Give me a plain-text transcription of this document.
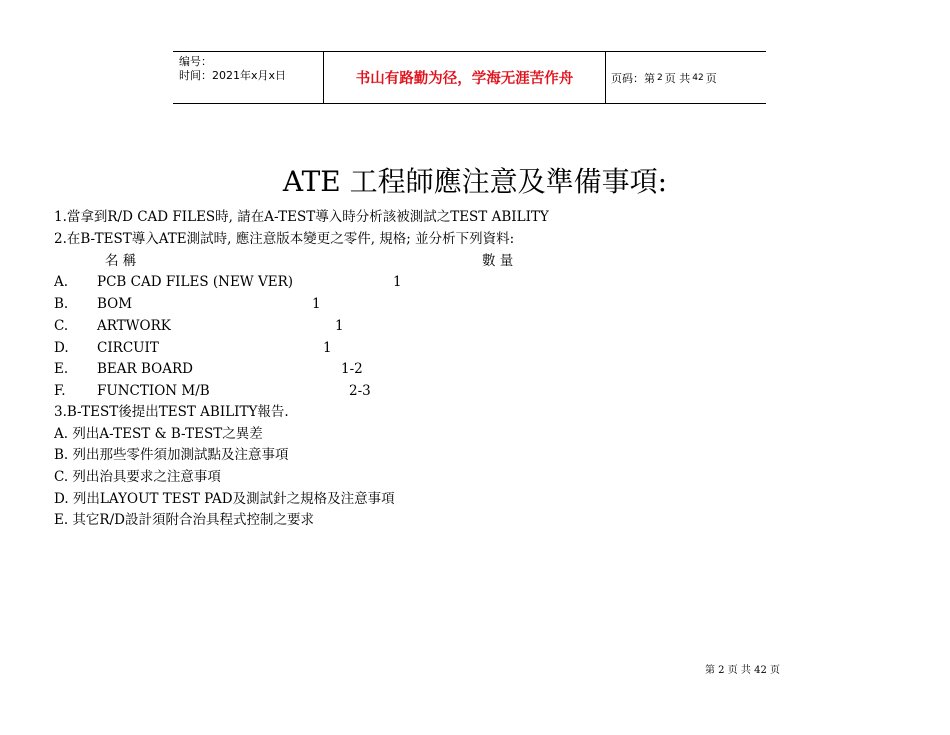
编号：
时间：2021年x月x日	书山有路勤为径，学海无涯苦作舟	页码：第 2 页 共 42 页
ATE 工程師應注意及準備事項:
1.當拿到R/D CAD FILES時, 請在A-TEST導入時分析該被測試之TEST ABILITY
2.在B-TEST導入ATE測試時, 應注意版本變更之零件, 規格; 並分析下列資料:
名 稱	數 量
A. PCB CAD FILES (NEW VER)	1
B. BOM	1
C. ARTWORK	1
D. CIRCUIT	1
E. BEAR BOARD	1-2
F. FUNCTION M/B	2-3
3.B-TEST後提出TEST ABILITY報告.
A. 列出A-TEST & B-TEST之異差
B. 列出那些零件須加測試點及注意事項
C. 列出治具要求之注意事項
D. 列出LAYOUT TEST PAD及測試針之規格及注意事項
E. 其它R/D設計須附合治具程式控制之要求
第 2 页 共 42 页
